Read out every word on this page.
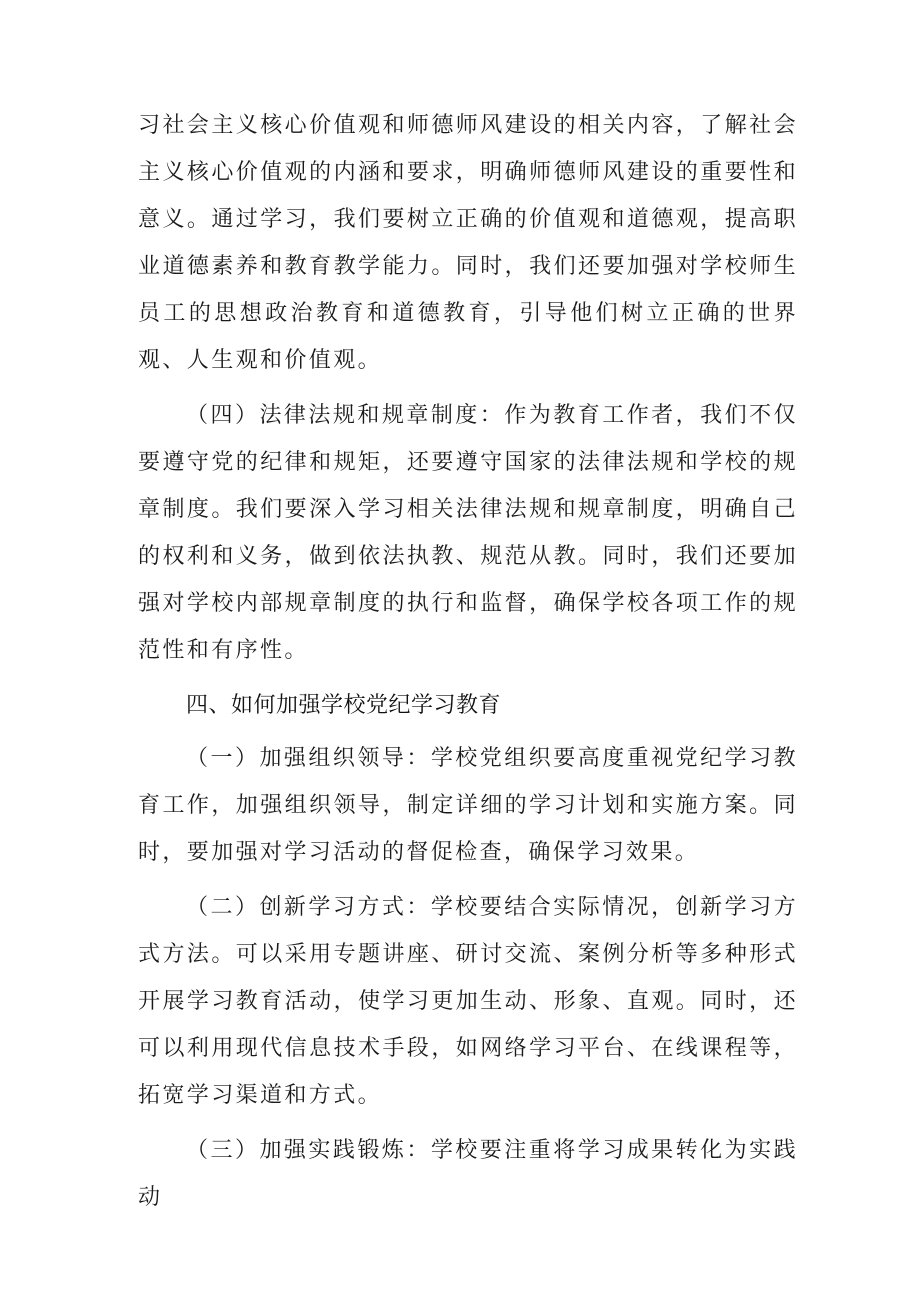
习社会主义核心价值观和师德师风建设的相关内容，了解社会主义核心价值观的内涵和要求，明确师德师风建设的重要性和意义。通过学习，我们要树立正确的价值观和道德观，提高职业道德素养和教育教学能力。同时，我们还要加强对学校师生员工的思想政治教育和道德教育，引导他们树立正确的世界观、人生观和价值观。

（四）法律法规和规章制度：作为教育工作者，我们不仅要遵守党的纪律和规矩，还要遵守国家的法律法规和学校的规章制度。我们要深入学习相关法律法规和规章制度，明确自己的权利和义务，做到依法执教、规范从教。同时，我们还要加强对学校内部规章制度的执行和监督，确保学校各项工作的规范性和有序性。

四、如何加强学校党纪学习教育

（一）加强组织领导：学校党组织要高度重视党纪学习教育工作，加强组织领导，制定详细的学习计划和实施方案。同时，要加强对学习活动的督促检查，确保学习效果。

（二）创新学习方式：学校要结合实际情况，创新学习方式方法。可以采用专题讲座、研讨交流、案例分析等多种形式开展学习教育活动，使学习更加生动、形象、直观。同时，还可以利用现代信息技术手段，如网络学习平台、在线课程等，拓宽学习渠道和方式。

（三）加强实践锻炼：学校要注重将学习成果转化为实践动
